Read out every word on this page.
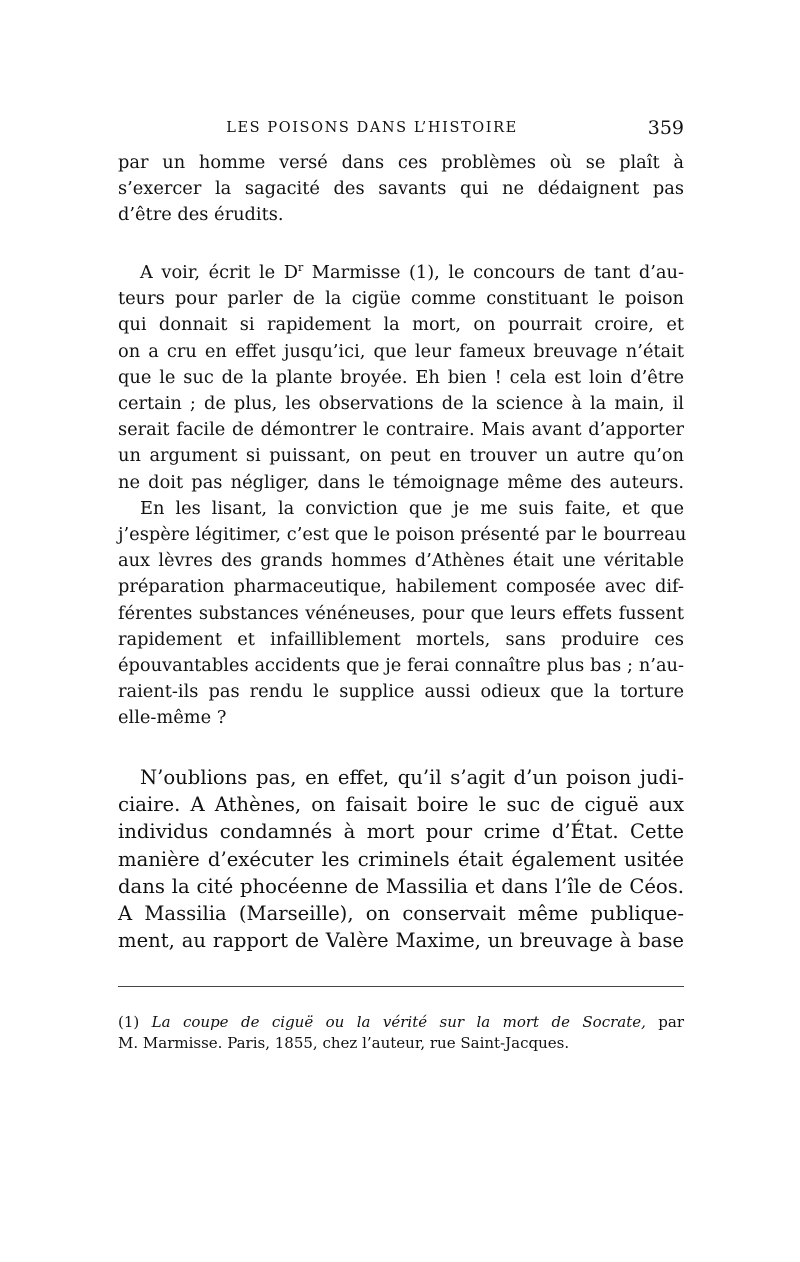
LES POISONS DANS L’HISTOIRE	359
par un homme versé dans ces problèmes où se plaît à
s’exercer la sagacité des savants qui ne dédaignent pas
d’être des érudits.
A voir, écrit le $D^r$ Marmisse (1), le concours de tant d’au-
teurs pour parler de la cigüe comme constituant le poison
qui donnait si rapidement la mort, on pourrait croire, et
on a cru en effet jusqu’ici, que leur fameux breuvage n’était
que le suc de la plante broyée. Eh bien ! cela est loin d’être
certain ; de plus, les observations de la science à la main, il
serait facile de démontrer le contraire. Mais avant d’apporter
un argument si puissant, on peut en trouver un autre qu’on
ne doit pas négliger, dans le témoignage même des auteurs.
En les lisant, la conviction que je me suis faite, et que
j’espère légitimer, c’est que le poison présenté par le bourreau
aux lèvres des grands hommes d’Athènes était une véritable
préparation pharmaceutique, habilement composée avec dif-
férentes substances vénéneuses, pour que leurs effets fussent
rapidement et infailliblement mortels, sans produire ces
épouvantables accidents que je ferai connaître plus bas ; n’au-
raient-ils pas rendu le supplice aussi odieux que la torture
elle-même ?
N’oublions pas, en effet, qu’il s’agit d’un poison judi-
ciaire. A Athènes, on faisait boire le suc de ciguë aux
individus condamnés à mort pour crime d’État. Cette
manière d’exécuter les criminels était également usitée
dans la cité phocéenne de Massilia et dans l’île de Céos.
A Massilia (Marseille), on conservait même publique-
ment, au rapport de Valère Maxime, un breuvage à base
(1) La coupe de ciguë ou la vérité sur la mort de Socrate, par
M. Marmisse. Paris, 1855, chez l’auteur, rue Saint-Jacques.
